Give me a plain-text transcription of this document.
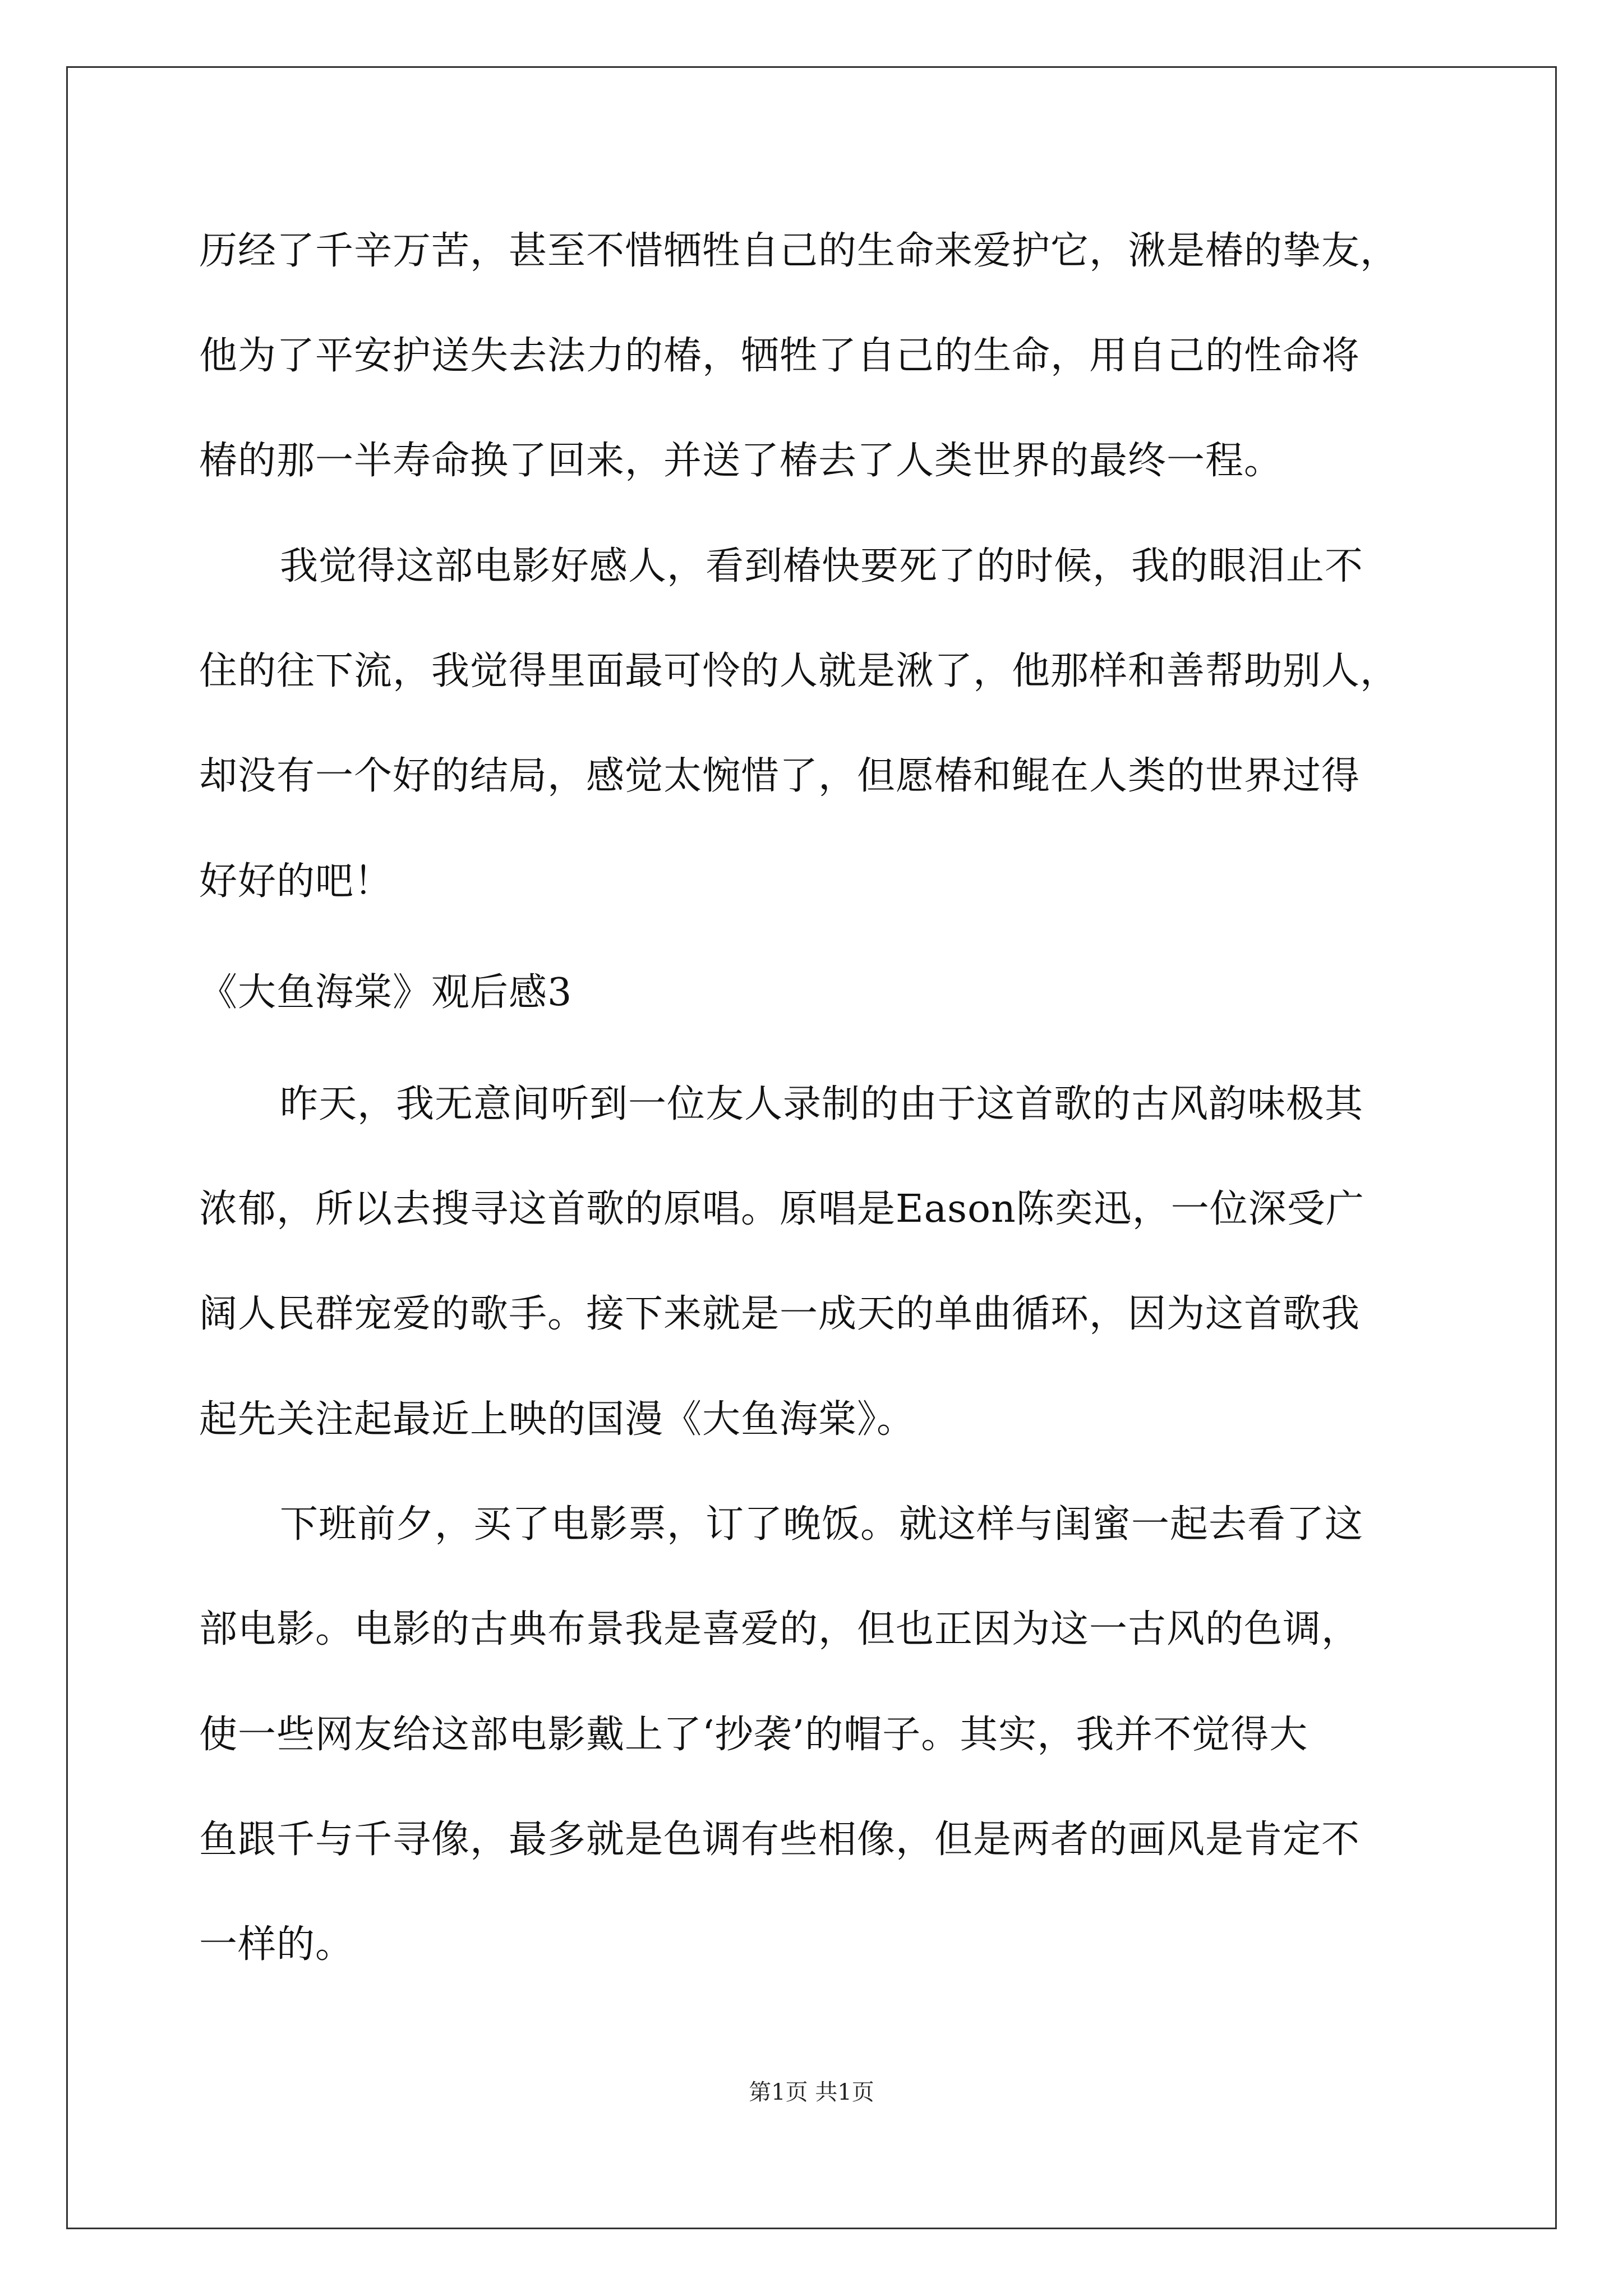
历经了千辛万苦，甚至不惜牺牲自己的生命来爱护它，湫是椿的挚友，
他为了平安护送失去法力的椿，牺牲了自己的生命，用自己的性命将
椿的那一半寿命换了回来，并送了椿去了人类世界的最终一程。
我觉得这部电影好感人，看到椿快要死了的时候，我的眼泪止不
住的往下流，我觉得里面最可怜的人就是湫了，他那样和善帮助别人，
却没有一个好的结局，感觉太惋惜了，但愿椿和鲲在人类的世界过得
好好的吧！
《大鱼海棠》观后感3
昨天，我无意间听到一位友人录制的由于这首歌的古风韵味极其
浓郁，所以去搜寻这首歌的原唱。原唱是Eason陈奕迅，一位深受广
阔人民群宠爱的歌手。接下来就是一成天的单曲循环，因为这首歌我
起先关注起最近上映的国漫《大鱼海棠》。
下班前夕，买了电影票，订了晚饭。就这样与闺蜜一起去看了这
部电影。电影的古典布景我是喜爱的，但也正因为这一古风的色调，
使一些网友给这部电影戴上了‘抄袭’的帽子。其实，我并不觉得大
鱼跟千与千寻像，最多就是色调有些相像，但是两者的画风是肯定不
一样的。
第1页 共1页
